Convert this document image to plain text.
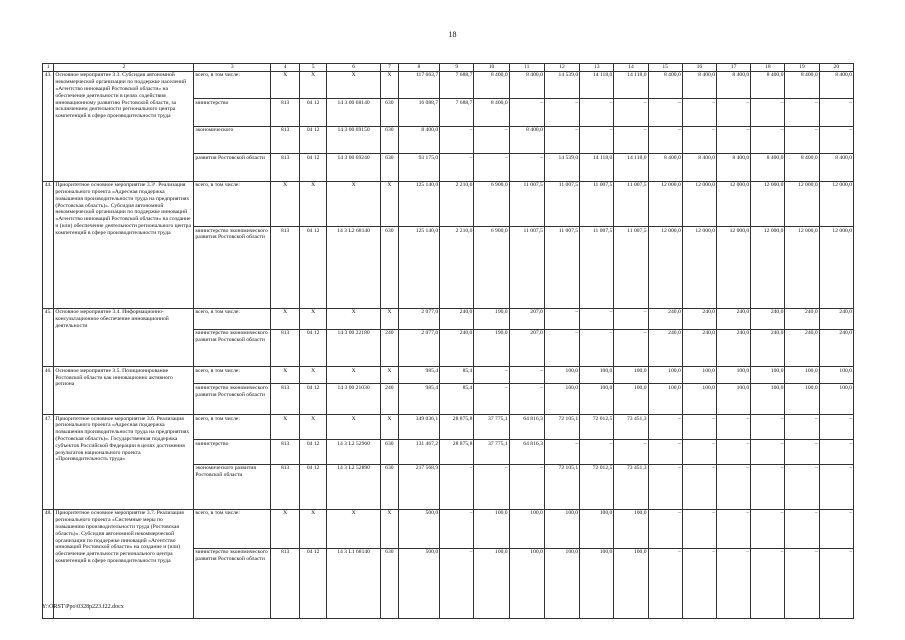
18
1	2	3	4	5	6	7	8	9	10	11	12	13	14	15	16	17	18	19	20
43.	Основное мероприятие 3.3. Субсидия автономной некоммерческой организации по поддержке населений «Агентство инноваций Ростовской области» на обеспечение деятельности в целях содействия инновационному развитию Ростовской области, за исключением деятельности регионального центра компетенций в сфере производительности труда	всего, в том числе:	Х	Х	Х	Х	117 663,7	7 688,7	8 400,0	8 400,0	14 539,0	14 118,0	14 118,0	8 400,0	8 400,0	8 400,0	8 400,0	8 400,0	8 400,0
		министерство	813	04 12	14 3 00 68140	630	16 088,7	7 688,7	8 400,0	–	–	–	–	–	–	–	–	–	–
		экономического	813	04 12	14 3 00 69150	630	8 400,0	–	–	8 400,0	–	–	–	–	–	–	–	–	–
		развития Ростовской области	813	04 12	14 3 00 69240	630	93 175,0	–	–	–	14 539,0	14 118,0	14 118,0	8 400,0	8 400,0	8 400,0	8 400,0	8 400,0	8 400,0
44.	Приоритетное основное мероприятие 3.3¹. Реализация регионального проекта «Адресная поддержка повышения производительности труда на предприятиях (Ростовская область)». Субсидия автономной некоммерческой организации по поддержке инноваций «Агентство инноваций Ростовской области» на создание и (или) обеспечение деятельности регионального центра компетенций в сфере производительности труда	всего, в том числе:	Х	Х	Х	Х	125 140,0	2 210,0	6 900,0	11 007,5	11 007,5	11 007,5	11 007,5	12 000,0	12 000,0	12 000,0	12 000,0	12 000,0	12 000,0
		министерство экономического развития Ростовской области	813	04 12	14 3 L2 68140	630	125 140,0	2 210,0	6 900,0	11 007,5	11 007,5	11 007,5	11 007,5	12 000,0	12 000,0	12 000,0	12 000,0	12 000,0	12 000,0
45.	Основное мероприятие 3.4. Информационно-консультационное обеспечение инновационной деятельности	всего, в том числе:	Х	Х	Х	Х	2 077,0	240,0	190,0	207,0	–	–	–	240,0	240,0	240,0	240,0	240,0	240,0
		министерство экономического развития Ростовской области	813	04 12	14 3 00 22180	240	2 077,0	240,0	190,0	207,0	–	–	–	240,0	240,0	240,0	240,0	240,0	240,0
46.	Основное мероприятие 3.5. Позиционирование Ростовской области как инновационно активного региона	всего, в том числе:	Х	Х	Х	Х	985,4	85,4	–	–	100,0	100,0	100,0	100,0	100,0	100,0	100,0	100,0	100,0
		министерство экономического развития Ростовской области	813	04 12	14 3 00 21030	240	985,4	85,4	–	–	100,0	100,0	100,0	100,0	100,0	100,0	100,0	100,0	100,0
47.	Приоритетное основное мероприятие 3.6. Реализация регионального проекта «Адресная поддержка повышения производительности труда на предприятиях (Ростовская область)». Государственная поддержка субъектов Российской Федерации в целях достижения результатов национального проекта «Производительность труда»	всего, в том числе:	Х	Х	Х	Х	349 036,1	28 875,8	37 775,1	64 816,3	72 105,1	72 012,5	73 451,3	–	–	–	–	–	–
		министерство	813	04 12	14 3 L2 52960	630	131 467,2	28 875,8	37 775,1	64 816,3	–	–	–	–	–	–	–	–	–
		экономического развития Ростовской области	813	04 12	14 3 L2 52890	630	217 568,9	–	–	–	72 105,1	72 012,5	73 451,3	–	–	–	–	–	–
48.	Приоритетное основное мероприятие 3.7. Реализация регионального проекта «Системные меры по повышению производительности труда (Ростовская область)». Субсидия автономной некоммерческой организации по поддержке инноваций «Агентство инноваций Ростовской области» на создание и (или) обеспечение деятельности регионального центра компетенций в сфере производительности труда	всего, в том числе:	Х	Х	Х	Х	500,0	–	100,0	100,0	100,0	100,0	100,0	–	–	–	–	–	–
		министерство экономического развития Ростовской области	813	04 12	14 3 L1 68140	630	500,0	–	100,0	100,0	100,0	100,0	100,0	–	–	–	–	–	–
Y:\ORST\Ppo\0328p223.f22.docx
